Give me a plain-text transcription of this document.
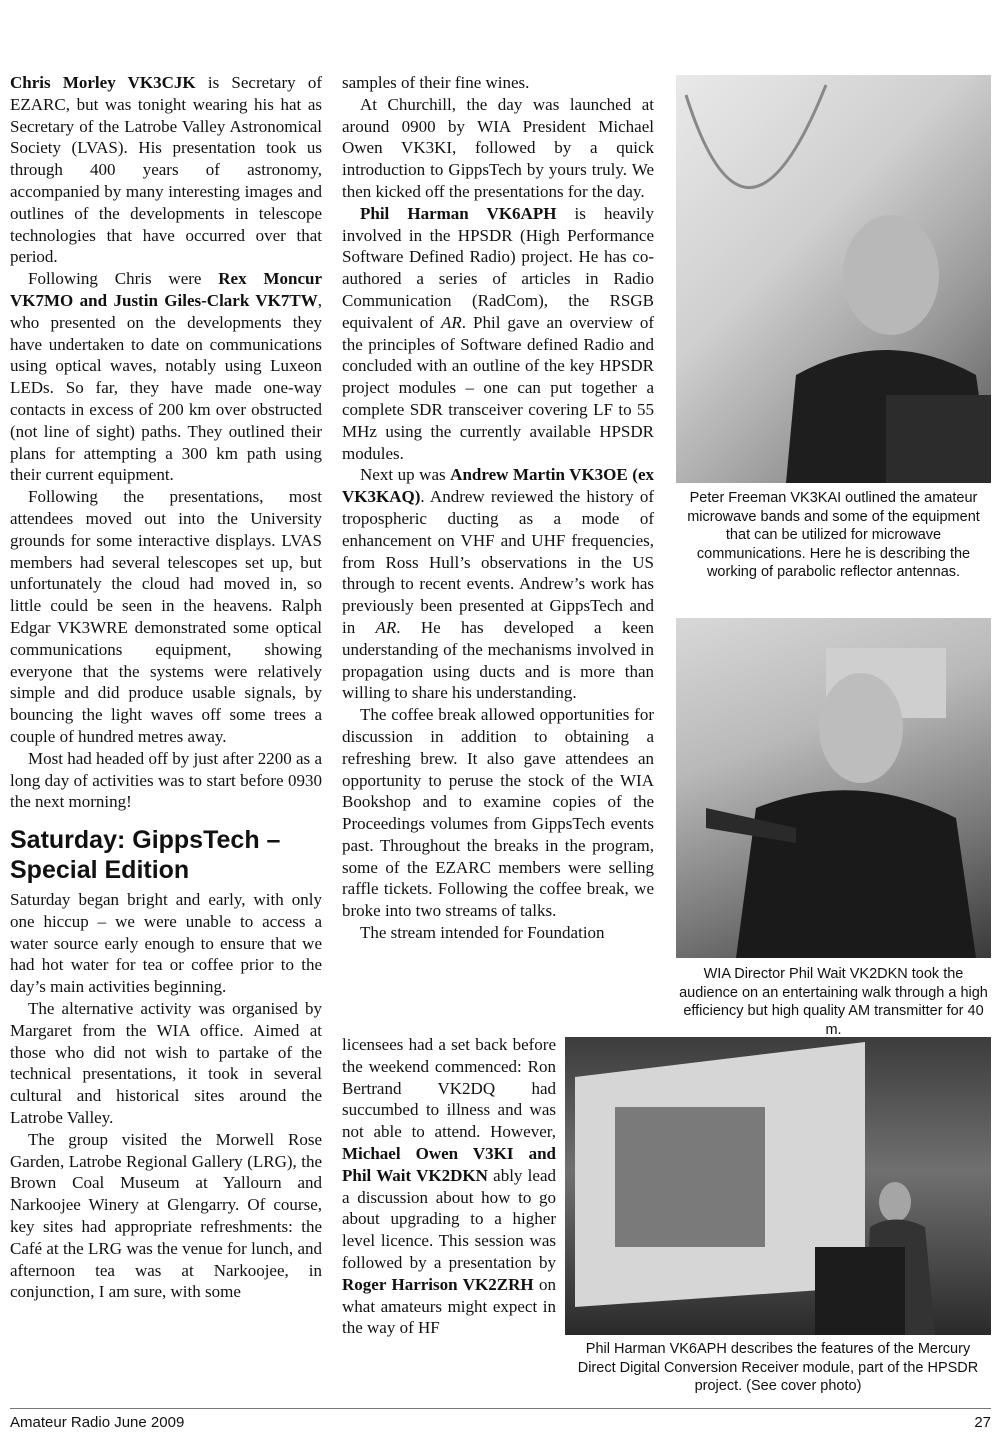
Chris Morley VK3CJK is Secretary of EZARC, but was tonight wearing his hat as Secretary of the Latrobe Valley Astronomical Society (LVAS). His presentation took us through 400 years of astronomy, accompanied by many interesting images and outlines of the developments in telescope technologies that have occurred over that period.

Following Chris were Rex Moncur VK7MO and Justin Giles-Clark VK7TW, who presented on the developments they have undertaken to date on communications using optical waves, notably using Luxeon LEDs. So far, they have made one-way contacts in excess of 200 km over obstructed (not line of sight) paths. They outlined their plans for attempting a 300 km path using their current equipment.

Following the presentations, most attendees moved out into the University grounds for some interactive displays. LVAS members had several telescopes set up, but unfortunately the cloud had moved in, so little could be seen in the heavens. Ralph Edgar VK3WRE demonstrated some optical communications equipment, showing everyone that the systems were relatively simple and did produce usable signals, by bouncing the light waves off some trees a couple of hundred metres away.

Most had headed off by just after 2200 as a long day of activities was to start before 0930 the next morning!

Saturday: GippsTech – Special Edition

Saturday began bright and early, with only one hiccup – we were unable to access a water source early enough to ensure that we had hot water for tea or coffee prior to the day’s main activities beginning.

The alternative activity was organised by Margaret from the WIA office. Aimed at those who did not wish to partake of the technical presentations, it took in several cultural and historical sites around the Latrobe Valley.

The group visited the Morwell Rose Garden, Latrobe Regional Gallery (LRG), the Brown Coal Museum at Yallourn and Narkoojee Winery at Glengarry. Of course, key sites had appropriate refreshments: the Café at the LRG was the venue for lunch, and afternoon tea was at Narkoojee, in conjunction, I am sure, with some

samples of their fine wines.

At Churchill, the day was launched at around 0900 by WIA President Michael Owen VK3KI, followed by a quick introduction to GippsTech by yours truly. We then kicked off the presentations for the day.

Phil Harman VK6APH is heavily involved in the HPSDR (High Performance Software Defined Radio) project. He has co-authored a series of articles in Radio Communication (RadCom), the RSGB equivalent of AR. Phil gave an overview of the principles of Software defined Radio and concluded with an outline of the key HPSDR project modules – one can put together a complete SDR transceiver covering LF to 55 MHz using the currently available HPSDR modules.

Next up was Andrew Martin VK3OE (ex VK3KAQ). Andrew reviewed the history of tropospheric ducting as a mode of enhancement on VHF and UHF frequencies, from Ross Hull’s observations in the US through to recent events. Andrew’s work has previously been presented at GippsTech and in AR. He has developed a keen understanding of the mechanisms involved in propagation using ducts and is more than willing to share his understanding.

The coffee break allowed opportunities for discussion in addition to obtaining a refreshing brew. It also gave attendees an opportunity to peruse the stock of the WIA Bookshop and to examine copies of the Proceedings volumes from GippsTech events past. Throughout the breaks in the program, some of the EZARC members were selling raffle tickets. Following the coffee break, we broke into two streams of talks.

The stream intended for Foundation

licensees had a set back before the weekend commenced: Ron Bertrand VK2DQ had succumbed to illness and was not able to attend. However, Michael Owen V3KI and Phil Wait VK2DKN ably lead a discussion about how to go about upgrading to a higher level licence. This session was followed by a presentation by Roger Harrison VK2ZRH on what amateurs might expect in the way of HF

Peter Freeman VK3KAI outlined the amateur microwave bands and some of the equipment that can be utilized for microwave communications. Here he is describing the working of parabolic reflector antennas.
WIA Director Phil Wait VK2DKN took the audience on an entertaining walk through a high efficiency but high quality AM transmitter for 40 m.
Phil Harman VK6APH describes the features of the Mercury Direct Digital Conversion Receiver module, part of the HPSDR project. (See cover photo)
Amateur Radio June 2009	27
